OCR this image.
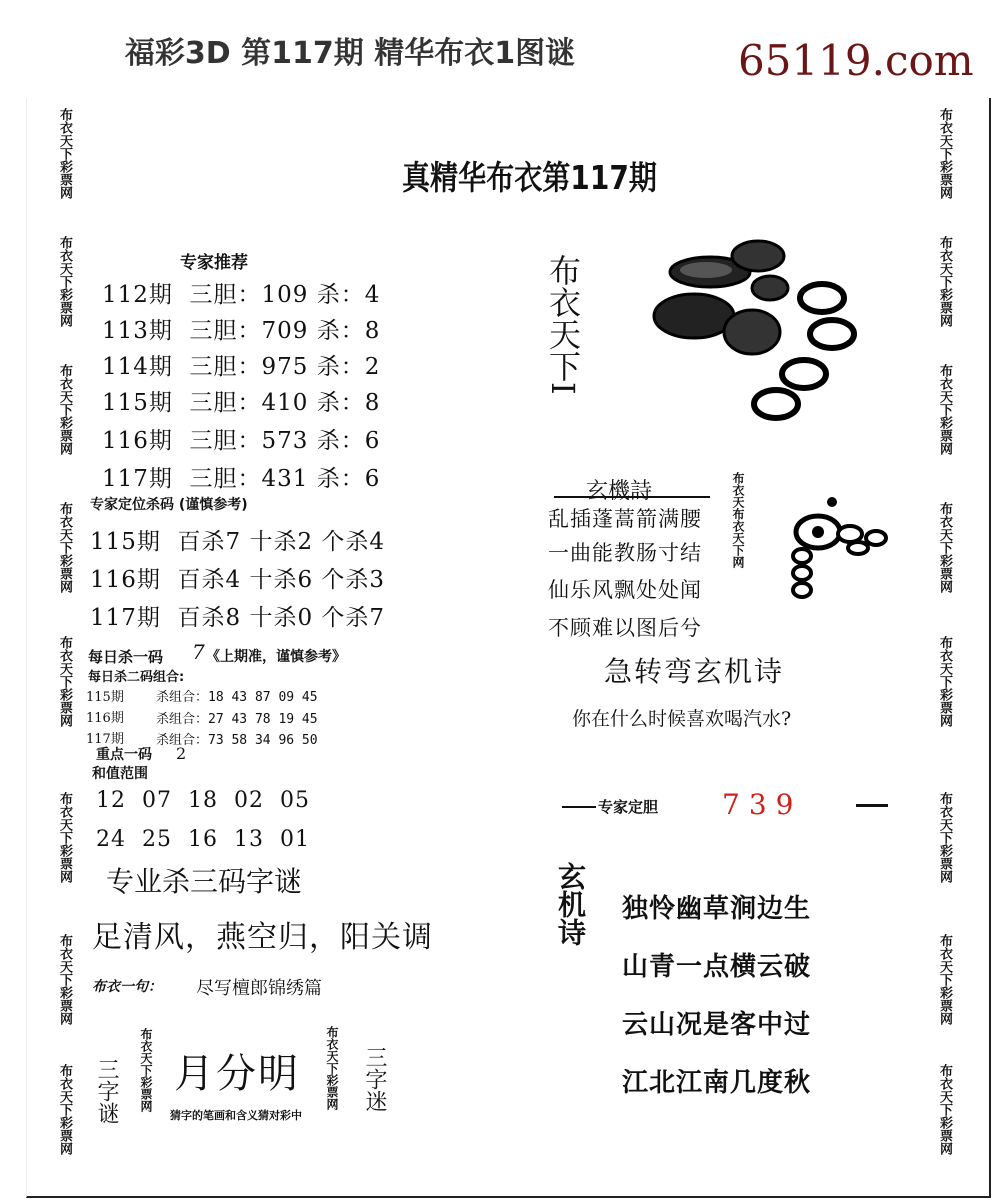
福彩3D 第117期 精华布衣1图谜	65119.com
布衣天下彩票网
布衣天下彩票网
布衣天下彩票网
布衣天下彩票网
布衣天下彩票网
布衣天下彩票网
布衣天下彩票网
布衣天下彩票网
布衣天下彩票网
布衣天下彩票网
布衣天下彩票网
布衣天下彩票网
布衣天下彩票网
布衣天下彩票网
布衣天下彩票网
布衣天下彩票网
真精华布衣第117期
专家推荐
112期  三胆：109 杀：4
113期  三胆：709 杀：8
114期  三胆：975 杀：2
115期  三胆：410 杀：8
116期  三胆：573 杀：6
117期  三胆：431 杀：6
专家定位杀码 (谨慎参考)
115期  百杀7 十杀2 个杀4
116期  百杀4 十杀6 个杀3
117期  百杀8 十杀0 个杀7
每日杀一码 7 《上期准，谨慎参考》
每日杀二码组合:
115期 杀组合：18 43 87 09 45
116期 杀组合：27 43 78 19 45
117期 杀组合：73 58 34 96 50
重点一码 2
和值范围
12 07 18 02 05
24 25 16 13 01
专业杀三码字谜
足清风，燕空归，阳关调
布衣一句： 尽写檀郎锦绣篇
三字谜 布衣天下彩票网 月分明
猜字的笔画和含义猜对彩中
布衣天下彩票网 三字迷
布衣天下I
玄機詩
乱插蓬蒿箭满腰
一曲能教肠寸结
仙乐风飘处处闻
不顾难以图后兮
布衣天布衣天下网
急转弯玄机诗
你在什么时候喜欢喝汽水?
专家定胆 739
玄机诗 独怜幽草涧边生
山青一点横云破
云山况是客中过
江北江南几度秋
